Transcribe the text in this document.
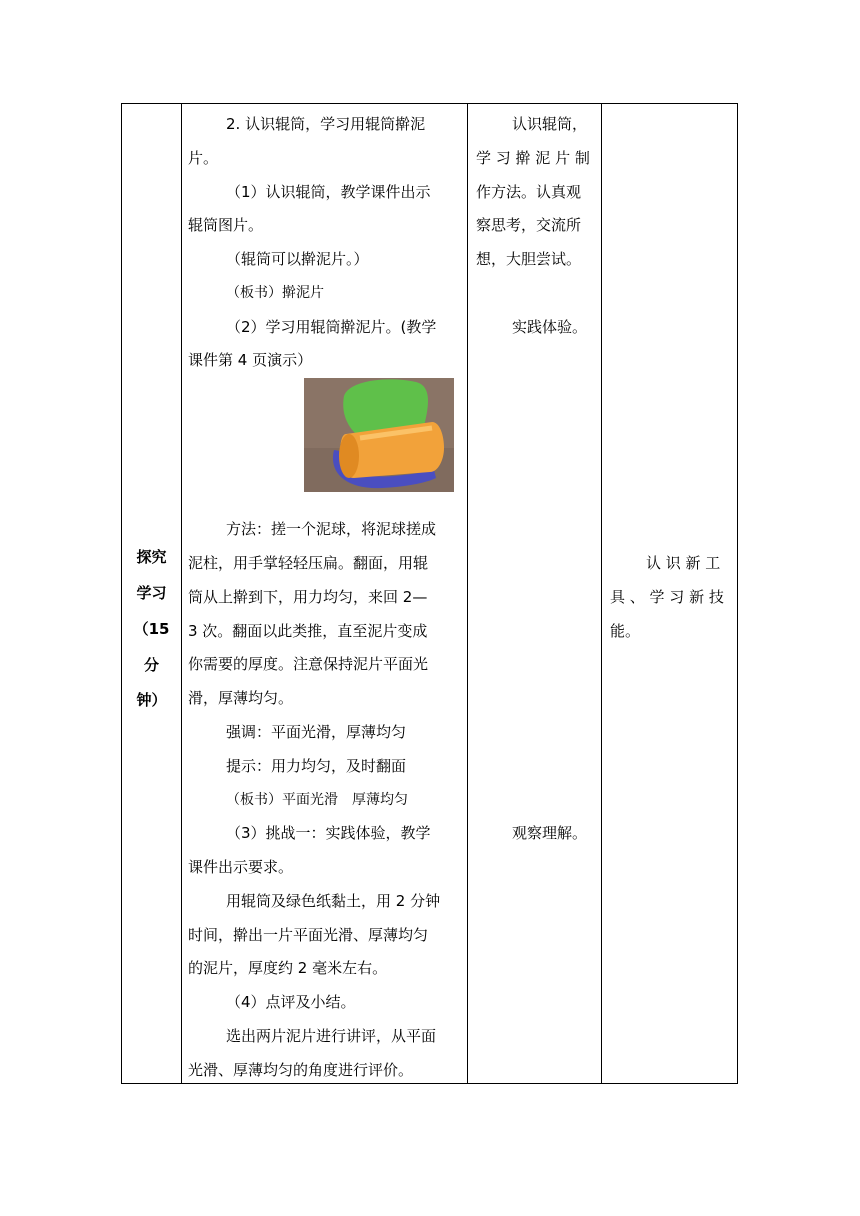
探究
学习
（15
分
钟）
2. 认识辊筒，学习用辊筒擀泥
片。
（1）认识辊筒，教学课件出示
辊筒图片。
（辊筒可以擀泥片。）
（板书）擀泥片
（2）学习用辊筒擀泥片。(教学
课件第 4 页演示）
方法：搓一个泥球，将泥球搓成
泥柱，用手掌轻轻压扁。翻面，用辊
筒从上擀到下，用力均匀，来回 2—
3 次。翻面以此类推，直至泥片变成
你需要的厚度。注意保持泥片平面光
滑，厚薄均匀。
强调：平面光滑，厚薄均匀
提示：用力均匀，及时翻面
（板书）平面光滑　厚薄均匀
（3）挑战一：实践体验，教学
课件出示要求。
用辊筒及绿色纸黏土，用 2 分钟
时间，擀出一片平面光滑、厚薄均匀
的泥片，厚度约 2 毫米左右。
（4）点评及小结。
选出两片泥片进行讲评，从平面
光滑、厚薄均匀的角度进行评价。
认识辊筒，
学 习 擀 泥 片 制
作方法。认真观
察思考，交流所
想，大胆尝试。
实践体验。
观察理解。
认 识 新 工
具 、 学 习 新 技
能。
